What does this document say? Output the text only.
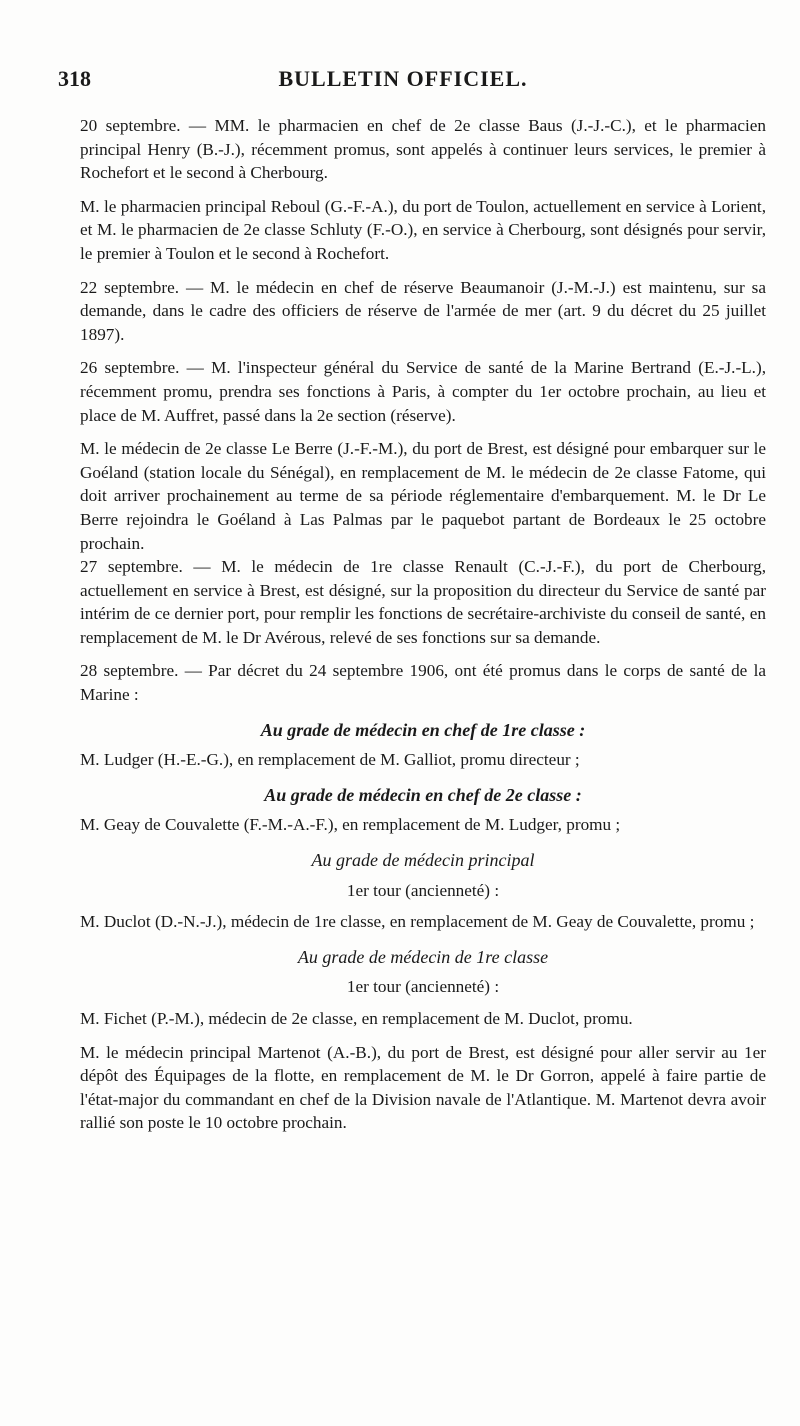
318	BULLETIN OFFICIEL.

20 septembre. — MM. le pharmacien en chef de 2e classe Baus (J.-J.-C.), et le pharmacien principal Henry (B.-J.), récemment promus, sont appelés à continuer leurs services, le premier à Rochefort et le second à Cherbourg.

M. le pharmacien principal Reboul (G.-F.-A.), du port de Toulon, actuellement en service à Lorient, et M. le pharmacien de 2e classe Schluty (F.-O.), en service à Cherbourg, sont désignés pour servir, le premier à Toulon et le second à Rochefort.

22 septembre. — M. le médecin en chef de réserve Beaumanoir (J.-M.-J.) est maintenu, sur sa demande, dans le cadre des officiers de réserve de l'armée de mer (art. 9 du décret du 25 juillet 1897).

26 septembre. — M. l'inspecteur général du Service de santé de la Marine Bertrand (E.-J.-L.), récemment promu, prendra ses fonctions à Paris, à compter du 1er octobre prochain, au lieu et place de M. Auffret, passé dans la 2e section (réserve).

M. le médecin de 2e classe Le Berre (J.-F.-M.), du port de Brest, est désigné pour embarquer sur le Goéland (station locale du Sénégal), en remplacement de M. le médecin de 2e classe Fatome, qui doit arriver prochainement au terme de sa période réglementaire d'embarquement. M. le Dr Le Berre rejoindra le Goéland à Las Palmas par le paquebot partant de Bordeaux le 25 octobre prochain.

27 septembre. — M. le médecin de 1re classe Renault (C.-J.-F.), du port de Cherbourg, actuellement en service à Brest, est désigné, sur la proposition du directeur du Service de santé par intérim de ce dernier port, pour remplir les fonctions de secrétaire-archiviste du conseil de santé, en remplacement de M. le Dr Avérous, relevé de ses fonctions sur sa demande.

28 septembre. — Par décret du 24 septembre 1906, ont été promus dans le corps de santé de la Marine :

Au grade de médecin en chef de 1re classe :

M. Ludger (H.-E.-G.), en remplacement de M. Galliot, promu directeur ;

Au grade de médecin en chef de 2e classe :

M. Geay de Couvalette (F.-M.-A.-F.), en remplacement de M. Ludger, promu ;

Au grade de médecin principal
1er tour (ancienneté) :

M. Duclot (D.-N.-J.), médecin de 1re classe, en remplacement de M. Geay de Couvalette, promu ;

Au grade de médecin de 1re classe
1er tour (ancienneté) :

M. Fichet (P.-M.), médecin de 2e classe, en remplacement de M. Duclot, promu.

M. le médecin principal Martenot (A.-B.), du port de Brest, est désigné pour aller servir au 1er dépôt des Équipages de la flotte, en remplacement de M. le Dr Gorron, appelé à faire partie de l'état-major du commandant en chef de la Division navale de l'Atlantique. M. Martenot devra avoir rallié son poste le 10 octobre prochain.
